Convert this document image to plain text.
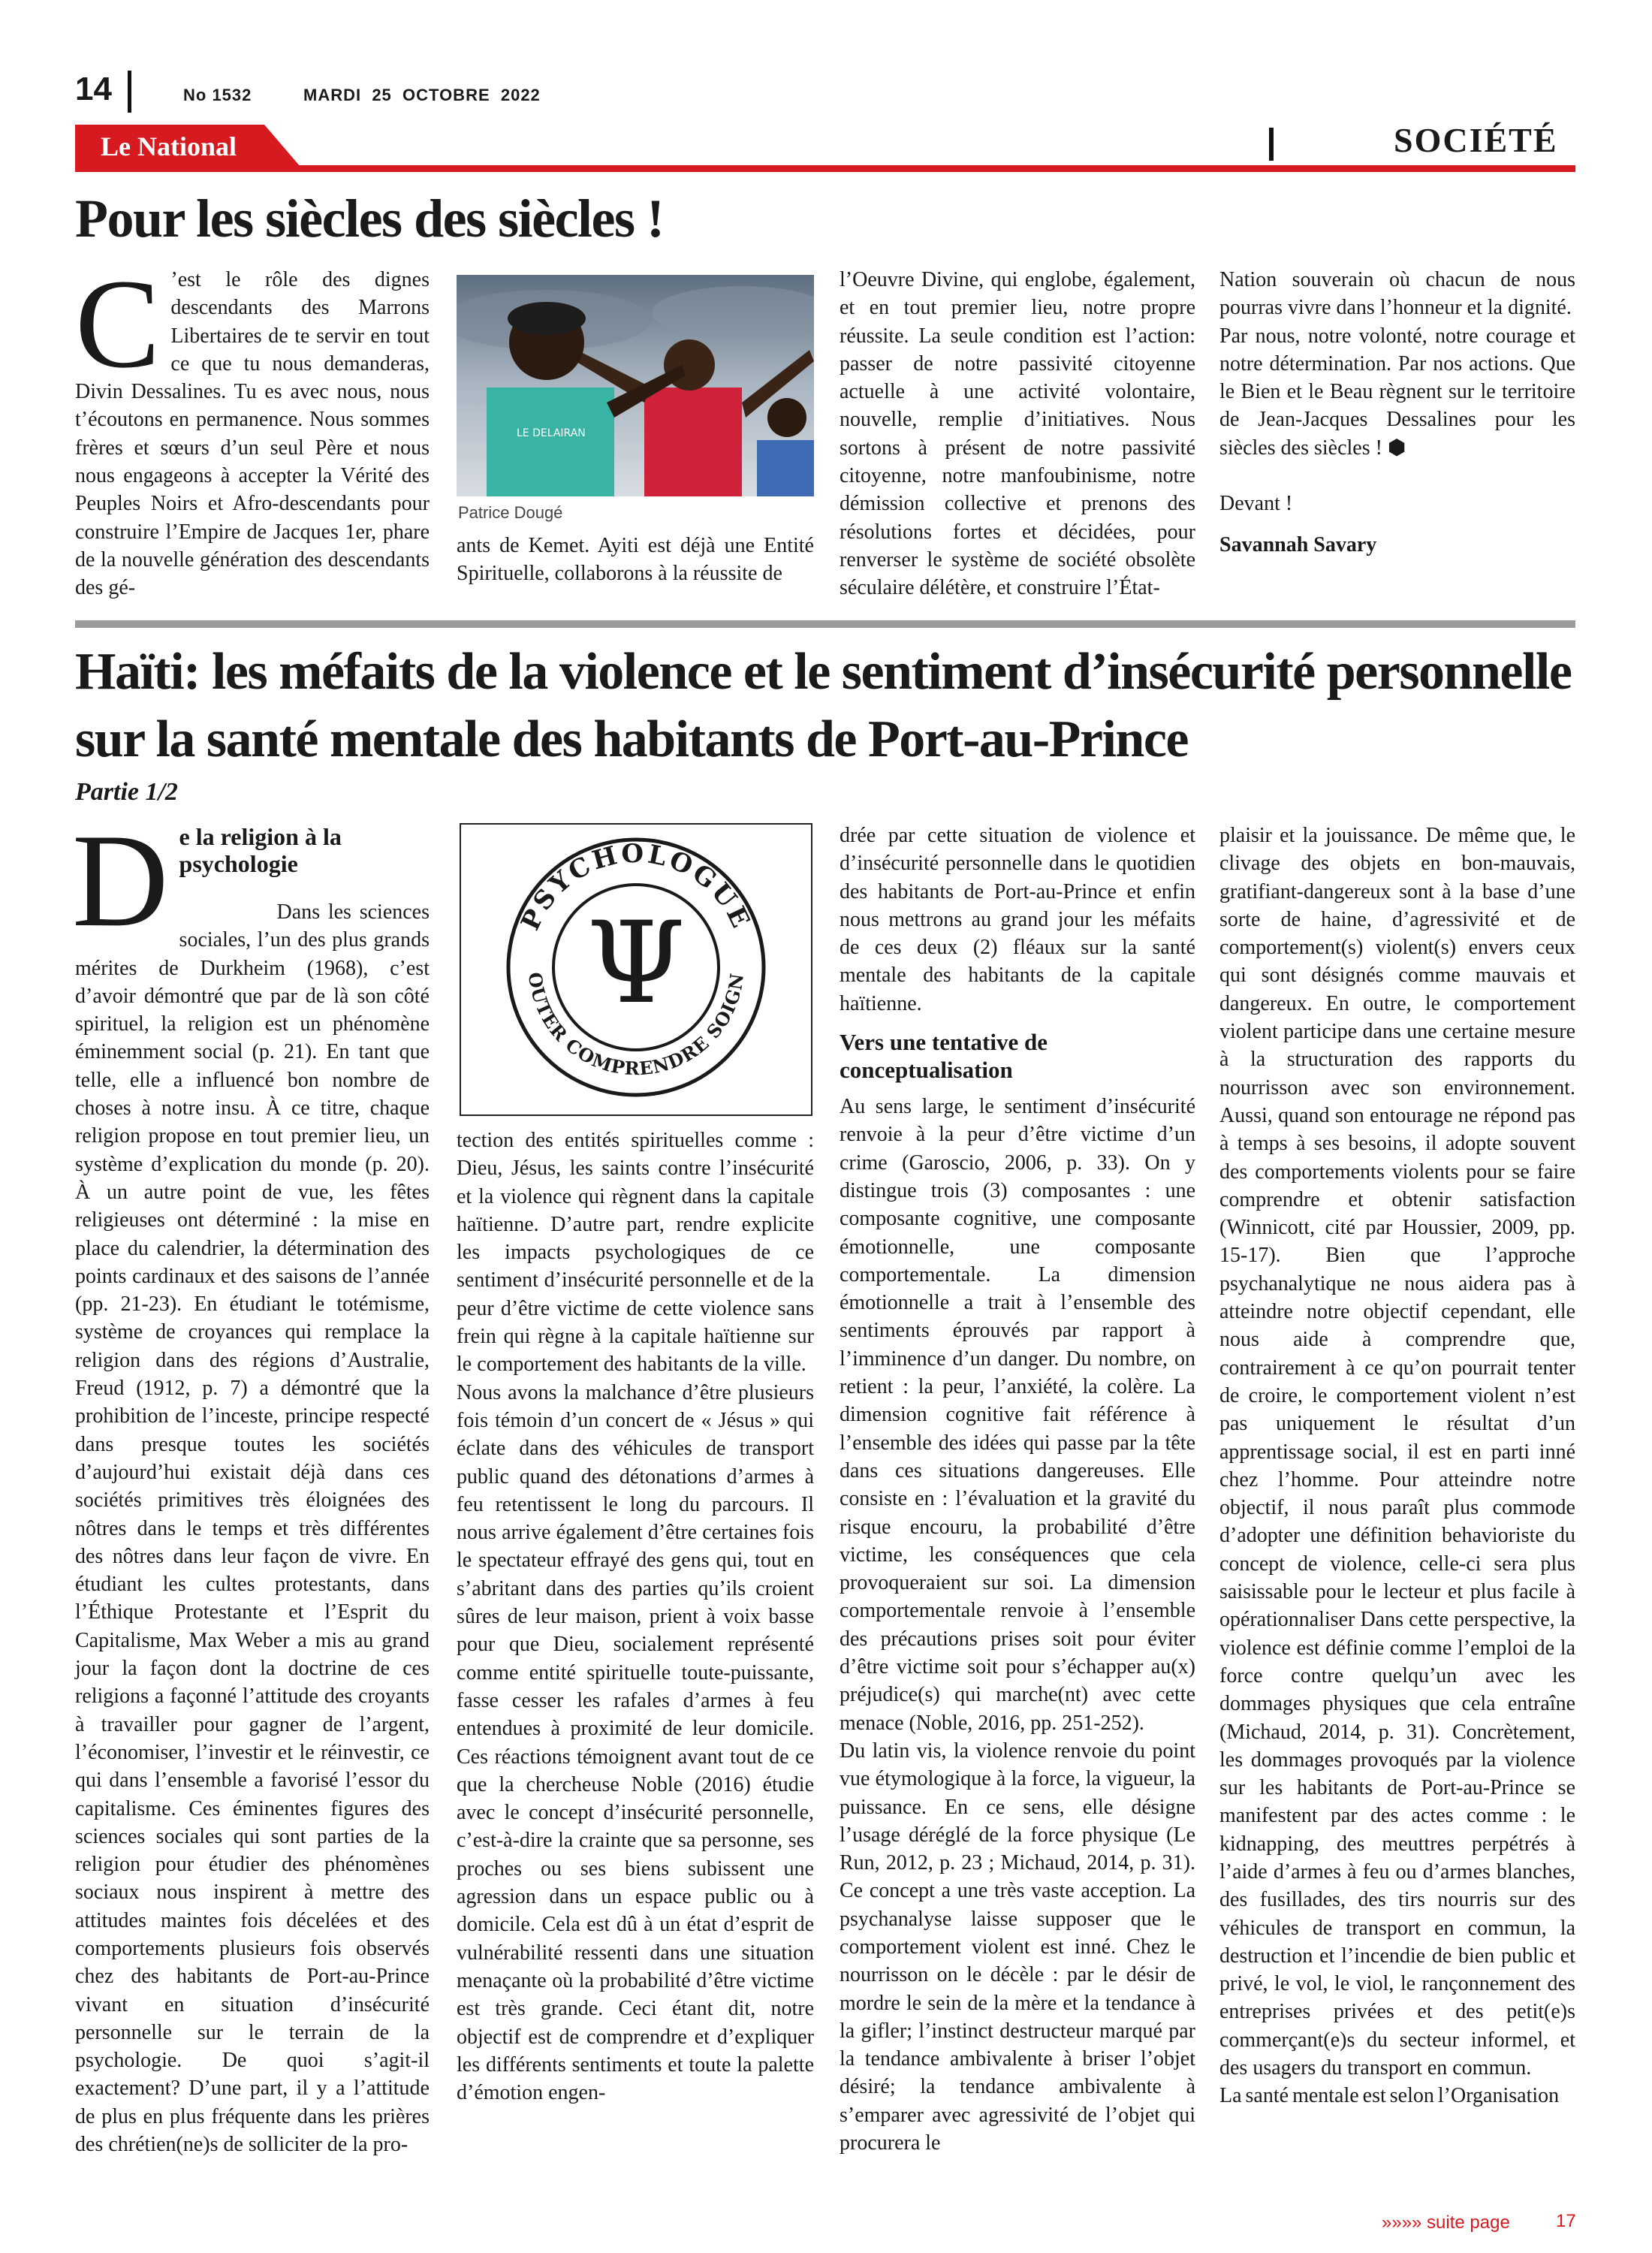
14	No 1532	MARDI  25  OCTOBRE  2022
Le National	SOCIÉTÉ
Pour les siècles des siècles !
C ’est le rôle des dignes descendants des Marrons Libertaires de te servir en tout ce que tu nous demanderas, Divin Dessalines. Tu es avec nous, nous t’écoutons en permanence. Nous sommes frères et sœurs d’un seul Père et nous nous engageons à accepter la Vérité des Peuples Noirs et Afro-descendants pour construire l’Empire de Jacques 1er, phare de la nouvelle génération des descendants des gé-

LE DELAIRAN
Patrice Dougé

ants de Kemet. Ayiti est déjà une Entité Spirituelle, collaborons à la réussite de

l’Oeuvre Divine, qui englobe, également, et en tout premier lieu, notre propre réussite. La seule condition est l’action: passer de notre passivité citoyenne actuelle à une activité volontaire, nouvelle, remplie d’initiatives. Nous sortons à présent de notre passivité citoyenne, notre manfoubinisme, notre démission collective et prenons des résolutions fortes et décidées, pour renverser le système de société obsolète séculaire délétère, et construire l’État-

Nation souverain où chacun de nous pourras vivre dans l’honneur et la dignité.

Par nous, notre volonté, notre courage et notre détermination. Par nos actions. Que le Bien et le Beau règnent sur le territoire de Jean-Jacques Dessalines pour les siècles des siècles ! ⬢

Devant !

Savannah Savary

Haïti: les méfaits de la violence et le sentiment d’insécurité personnelle sur la santé mentale des habitants de Port-au-Prince
Partie 1/2
D e la religion à la psychologie

Dans les sciences sociales, l’un des plus grands mérites de Durkheim (1968), c’est d’avoir démontré que par de là son côté spirituel, la religion est un phénomène éminemment social (p. 21). En tant que telle, elle a influencé bon nombre de choses à notre insu. À ce titre, chaque religion propose en tout premier lieu, un système d’explication du monde (p. 20). À un autre point de vue, les fêtes religieuses ont déterminé : la mise en place du calendrier, la détermination des points cardinaux et des saisons de l’année (pp. 21-23). En étudiant le totémisme, système de croyances qui remplace la religion dans des régions d’Australie, Freud (1912, p. 7) a démontré que la prohibition de l’inceste, principe respecté dans presque toutes les sociétés d’aujourd’hui existait déjà dans ces sociétés primitives très éloignées des nôtres dans le temps et très différentes des nôtres dans leur façon de vivre. En étudiant les cultes protestants, dans l’Éthique Protestante et l’Esprit du Capitalisme, Max Weber a mis au grand jour la façon dont la doctrine de ces religions a façonné l’attitude des croyants à travailler pour gagner de l’argent, l’économiser, l’investir et le réinvestir, ce qui dans l’ensemble a favorisé l’essor du capitalisme. Ces éminentes figures des sciences sociales qui sont parties de la religion pour étudier des phénomènes sociaux nous inspirent à mettre des attitudes maintes fois décelées et des comportements plusieurs fois observés chez des habitants de Port-au-Prince vivant en situation d’insécurité personnelle sur le terrain de la psychologie. De quoi s’agit-il exactement? D’une part, il y a l’attitude de plus en plus fréquente dans les prières des chrétien(ne)s de solliciter de la pro-

PSYCHOLOGUE
OUTER COMPRENDRE SOIGN
Ψ

tection des entités spirituelles comme : Dieu, Jésus, les saints contre l’insécurité et la violence qui règnent dans la capitale haïtienne. D’autre part, rendre explicite les impacts psychologiques de ce sentiment d’insécurité personnelle et de la peur d’être victime de cette violence sans frein qui règne à la capitale haïtienne sur le comportement des habitants de la ville.

Nous avons la malchance d’être plusieurs fois témoin d’un concert de « Jésus » qui éclate dans des véhicules de transport public quand des détonations d’armes à feu retentissent le long du parcours. Il nous arrive également d’être certaines fois le spectateur effrayé des gens qui, tout en s’abritant dans des parties qu’ils croient sûres de leur maison, prient à voix basse pour que Dieu, socialement représenté comme entité spirituelle toute-puissante, fasse cesser les rafales d’armes à feu entendues à proximité de leur domicile. Ces réactions témoignent avant tout de ce que la chercheuse Noble (2016) étudie avec le concept d’insécurité personnelle, c’est-à-dire la crainte que sa personne, ses proches ou ses biens subissent une agression dans un espace public ou à domicile. Cela est dû à un état d’esprit de vulnérabilité ressenti dans une situation menaçante où la probabilité d’être victime est très grande. Ceci étant dit, notre objectif est de comprendre et d’expliquer les différents sentiments et toute la palette d’émotion engen-

drée par cette situation de violence et d’insécurité personnelle dans le quotidien des habitants de Port-au-Prince et enfin nous mettrons au grand jour les méfaits de ces deux (2) fléaux sur la santé mentale des habitants de la capitale haïtienne.

Vers une tentative de conceptualisation

Au sens large, le sentiment d’insécurité renvoie à la peur d’être victime d’un crime (Garoscio, 2006, p. 33). On y distingue trois (3) composantes : une composante cognitive, une composante émotionnelle, une composante comportementale. La dimension émotionnelle a trait à l’ensemble des sentiments éprouvés par rapport à l’imminence d’un danger. Du nombre, on retient : la peur, l’anxiété, la colère. La dimension cognitive fait référence à l’ensemble des idées qui passe par la tête dans ces situations dangereuses. Elle consiste en : l’évaluation et la gravité du risque encouru, la probabilité d’être victime, les conséquences que cela provoqueraient sur soi. La dimension comportementale renvoie à l’ensemble des précautions prises soit pour éviter d’être victime soit pour s’échapper au(x) préjudice(s) qui marche(nt) avec cette menace (Noble, 2016, pp. 251-252).

Du latin vis, la violence renvoie du point vue étymologique à la force, la vigueur, la puissance. En ce sens, elle désigne l’usage déréglé de la force physique (Le Run, 2012, p. 23 ; Michaud, 2014, p. 31). Ce concept a une très vaste acception. La psychanalyse laisse supposer que le comportement violent est inné. Chez le nourrisson on le décèle : par le désir de mordre le sein de la mère et la tendance à la gifler; l’instinct destructeur marqué par la tendance ambivalente à briser l’objet désiré; la tendance ambivalente à s’emparer avec agressivité de l’objet qui procurera le

plaisir et la jouissance. De même que, le clivage des objets en bon-mauvais, gratifiant-dangereux sont à la base d’une sorte de haine, d’agressivité et de comportement(s) violent(s) envers ceux qui sont désignés comme mauvais et dangereux. En outre, le comportement violent participe dans une certaine mesure à la structuration des rapports du nourrisson avec son environnement. Aussi, quand son entourage ne répond pas à temps à ses besoins, il adopte souvent des comportements violents pour se faire comprendre et obtenir satisfaction (Winnicott, cité par Houssier, 2009, pp. 15-17). Bien que l’approche psychanalytique ne nous aidera pas à atteindre notre objectif cependant, elle nous aide à comprendre que, contrairement à ce qu’on pourrait tenter de croire, le comportement violent n’est pas uniquement le résultat d’un apprentissage social, il est en parti inné chez l’homme. Pour atteindre notre objectif, il nous paraît plus commode d’adopter une définition behavioriste du concept de violence, celle-ci sera plus saisissable pour le lecteur et plus facile à opérationnaliser Dans cette perspective, la violence est définie comme l’emploi de la force contre quelqu’un avec les dommages physiques que cela entraîne (Michaud, 2014, p. 31). Concrètement, les dommages provoqués par la violence sur les habitants de Port-au-Prince se manifestent par des actes comme : le kidnapping, des meuttres perpétrés à l’aide d’armes à feu ou d’armes blanches, des fusillades, des tirs nourris sur des véhicules de transport en commun, la destruction et l’incendie de bien public et privé, le vol, le viol, le rançonnement des entreprises privées et des petit(e)s commerçant(e)s du secteur informel, et des usagers du transport en commun.

La santé mentale est selon l’Organisation

»»»» suite page	17
